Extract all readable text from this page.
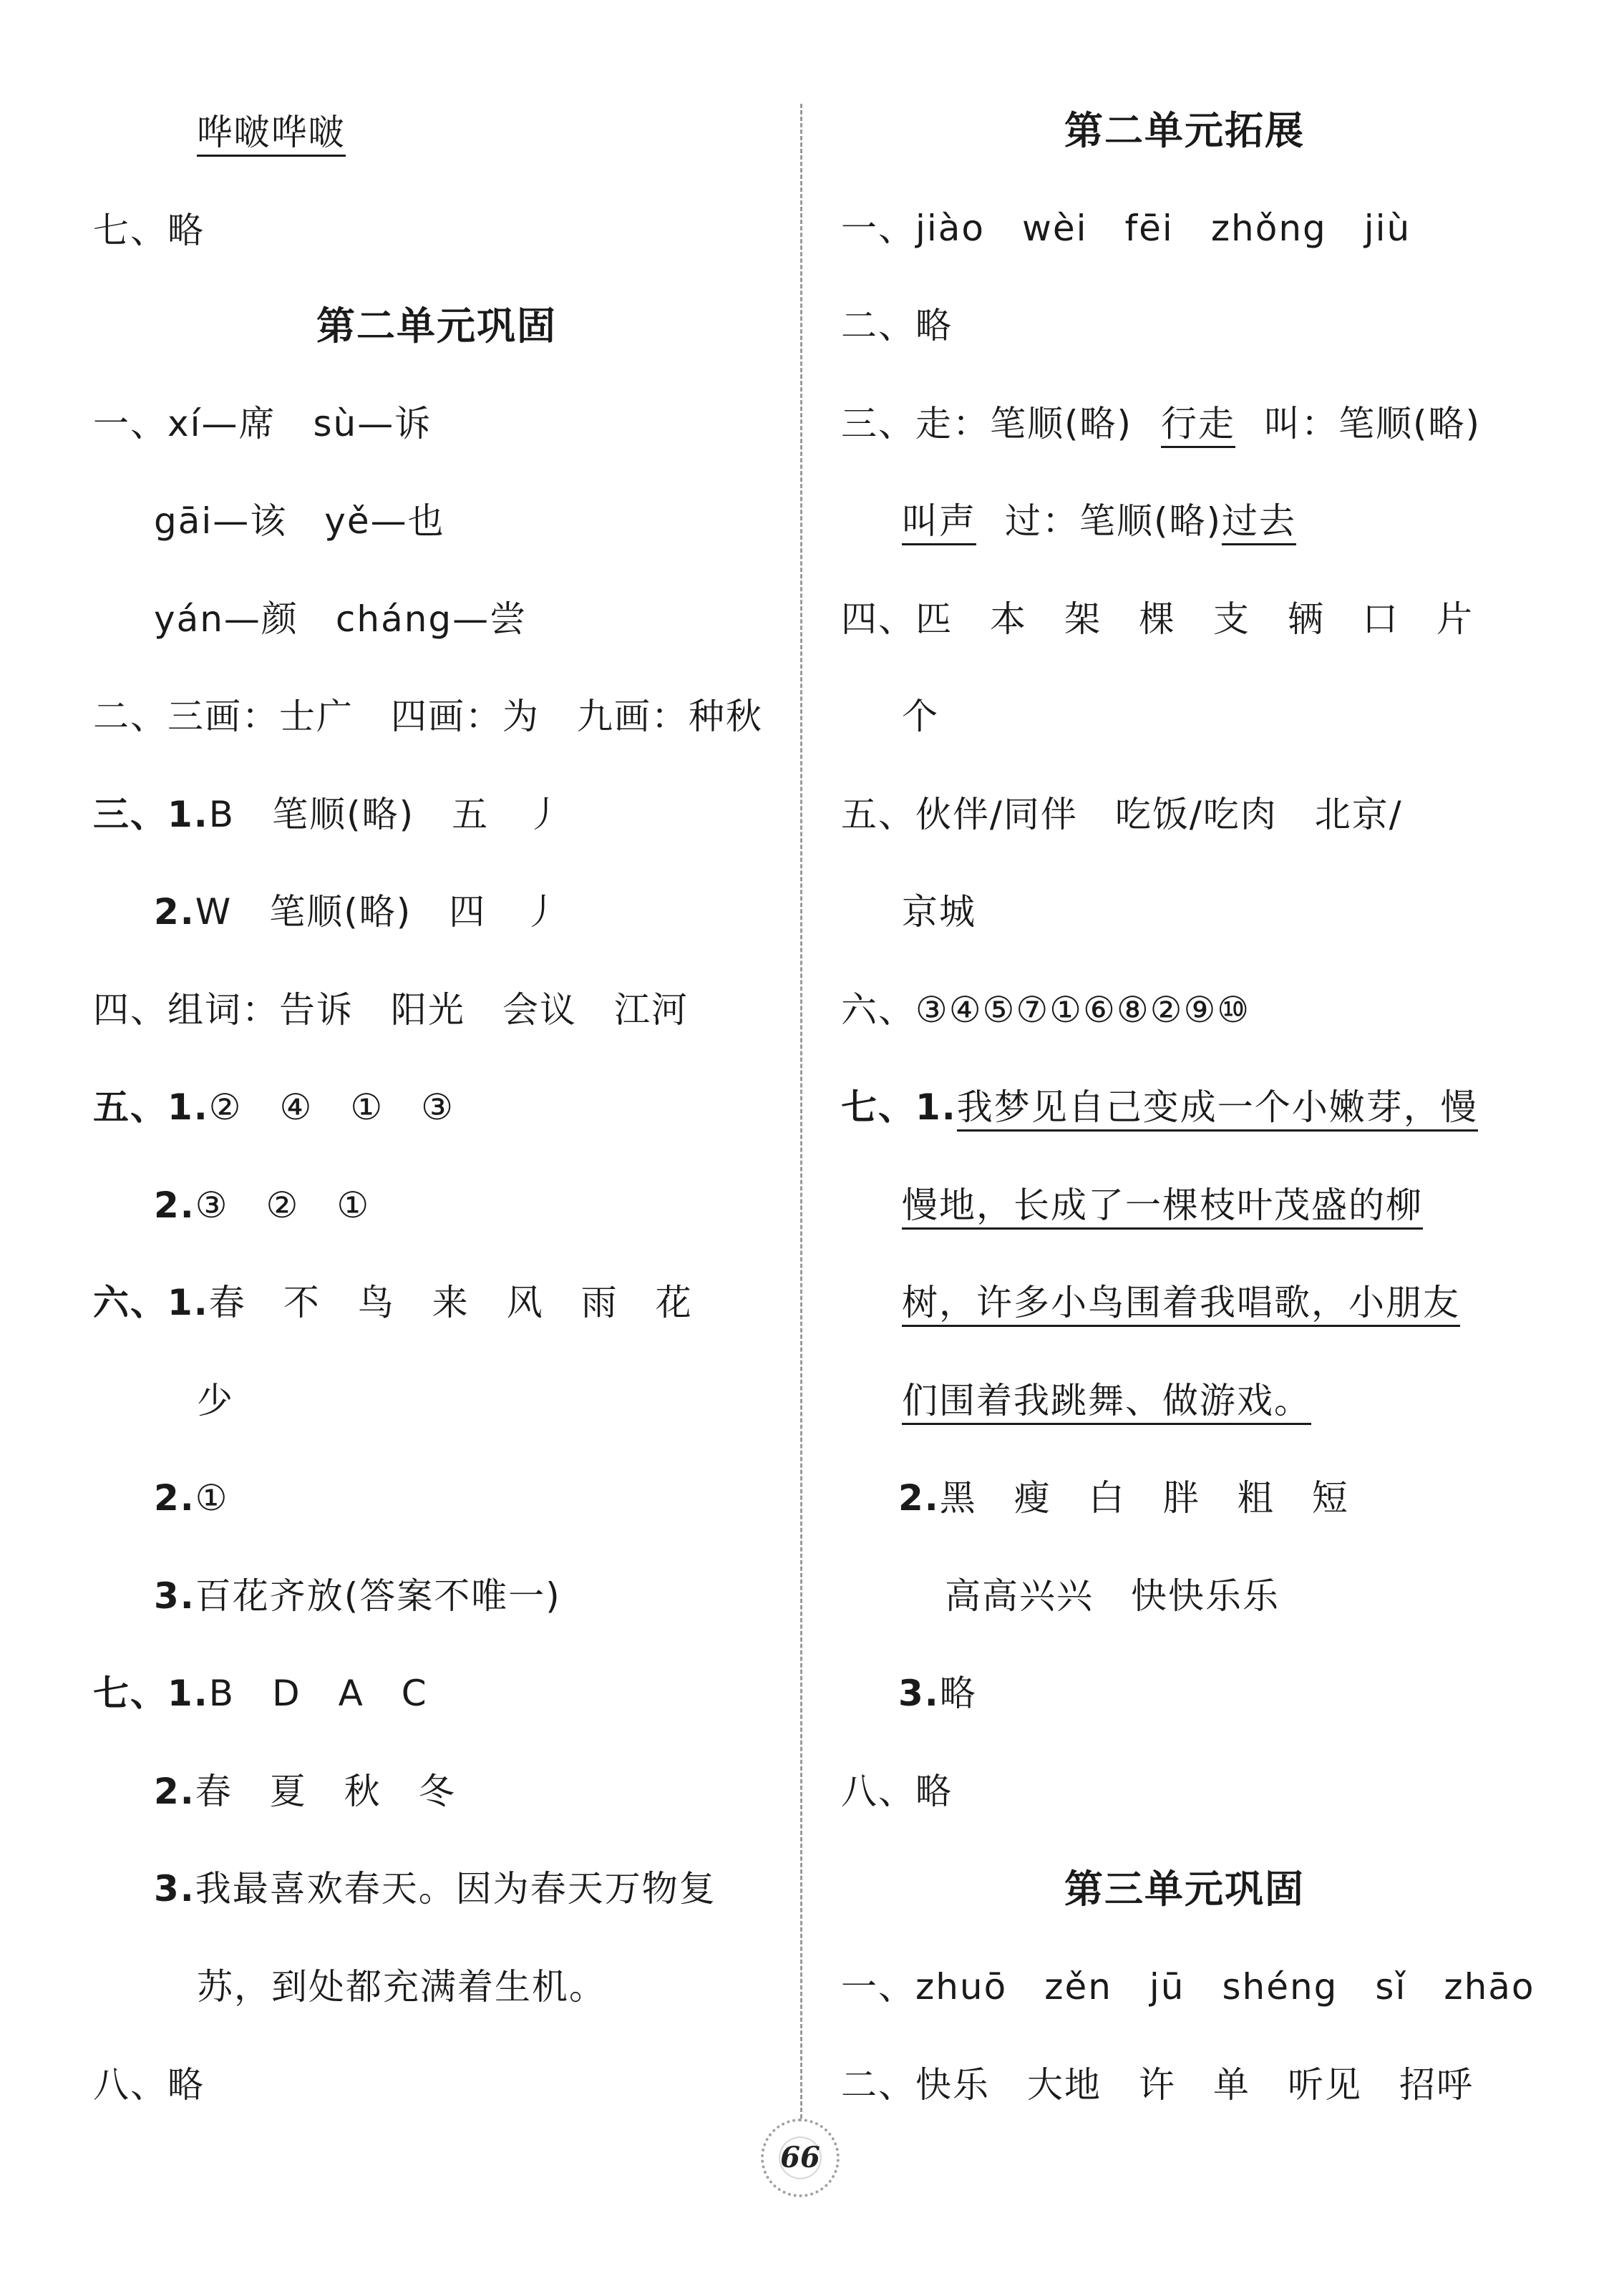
哗啵哗啵
七、略
第二单元巩固
一、xí—席　sù—诉
gāi—该　yě—也
yán—颜　cháng—尝
二、三画：士广　四画：为　九画：种秋
三、1.B　笔顺(略)　五　丿
2.W　笔顺(略)　四　丿
四、组词：告诉　阳光　会议　江河
五、1.②　④　①　③
2.③　②　①
六、1.春　不　鸟　来　风　雨　花
少
2.①
3.百花齐放(答案不唯一)
七、1.B　D　A　C
2.春　夏　秋　冬
3.我最喜欢春天。因为春天万物复
苏，到处都充满着生机。
八、略
第二单元拓展
一、jiào　wèi　fēi　zhǒng　jiù
二、略
三、走：笔顺(略) 行走 叫：笔顺(略)
叫声 过：笔顺(略)过去
四、匹　本　架　棵　支　辆　口　片
个
五、伙伴/同伴　吃饭/吃肉　北京/
京城
六、③④⑤⑦①⑥⑧②⑨⑩
七、1.我梦见自己变成一个小嫩芽，慢
慢地，长成了一棵枝叶茂盛的柳
树，许多小鸟围着我唱歌，小朋友
们围着我跳舞、做游戏。
2.黑　瘦　白　胖　粗　短
高高兴兴　快快乐乐
3.略
八、略
第三单元巩固
一、zhuō　zěn　jū　shéng　sǐ　zhāo
二、快乐　大地　许　单　听见　招呼
66
